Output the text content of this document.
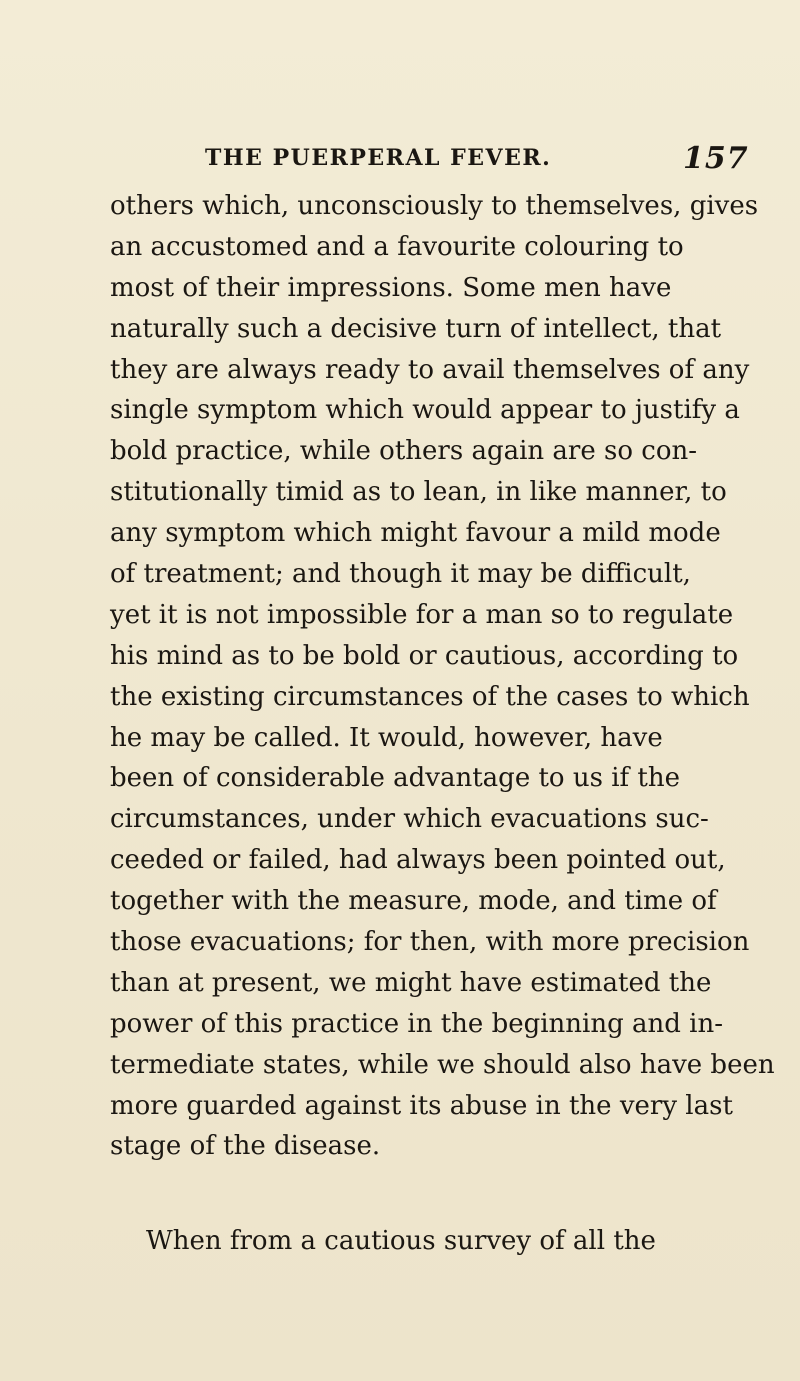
THE PUERPERAL FEVER.	157
others which, unconsciously to themselves, gives
an accustomed and a favourite colouring to
most of their impressions. Some men have
naturally such a decisive turn of intellect, that
they are always ready to avail themselves of any
single symptom which would appear to justify a
bold practice, while others again are so con-
stitutionally timid as to lean, in like manner, to
any symptom which might favour a mild mode
of treatment; and though it may be difficult,
yet it is not impossible for a man so to regulate
his mind as to be bold or cautious, according to
the existing circumstances of the cases to which
he may be called. It would, however, have
been of considerable advantage to us if the
circumstances, under which evacuations suc-
ceeded or failed, had always been pointed out,
together with the measure, mode, and time of
those evacuations; for then, with more precision
than at present, we might have estimated the
power of this practice in the beginning and in-
termediate states, while we should also have been
more guarded against its abuse in the very last
stage of the disease.
When from a cautious survey of all the
